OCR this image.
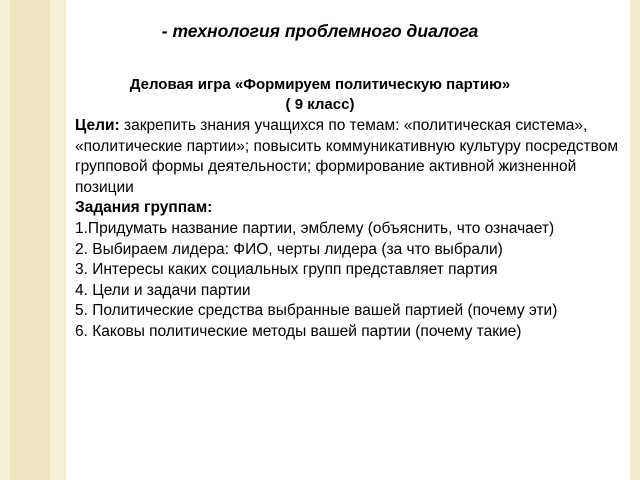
- технология проблемного диалога
Деловая игра «Формируем политическую партию»
( 9 класс)

Цели: закрепить знания учащихся по темам: «политическая система», «политические партии»; повысить коммуникативную культуру посредством групповой формы деятельности; формирование активной жизненной позиции

Задания группам:

1.Придумать название партии, эмблему (объяснить, что означает)

2. Выбираем лидера: ФИО, черты лидера (за что выбрали)

3. Интересы каких социальных групп представляет партия

4. Цели и задачи партии

5. Политические средства выбранные вашей партией (почему эти)

6. Каковы политические методы вашей партии (почему такие)
